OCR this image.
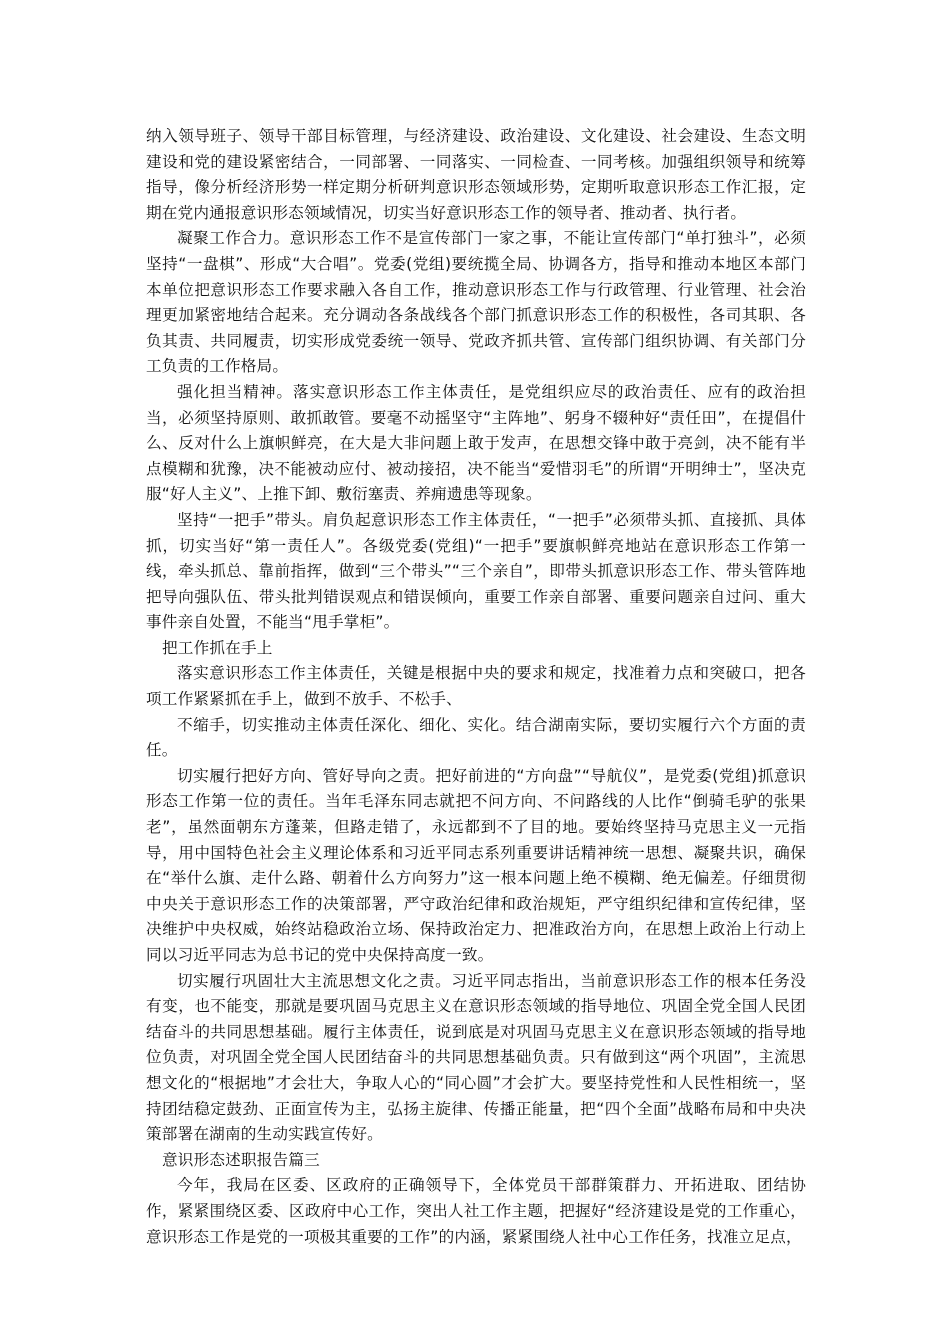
纳入领导班子、领导干部目标管理，与经济建设、政治建设、文化建设、社会建设、生态文明建设和党的建设紧密结合，一同部署、一同落实、一同检查、一同考核。加强组织领导和统筹指导，像分析经济形势一样定期分析研判意识形态领域形势，定期听取意识形态工作汇报，定期在党内通报意识形态领域情况，切实当好意识形态工作的领导者、推动者、执行者。

凝聚工作合力。意识形态工作不是宣传部门一家之事，不能让宣传部门“单打独斗”，必须坚持“一盘棋”、形成“大合唱”。党委(党组)要统揽全局、协调各方，指导和推动本地区本部门本单位把意识形态工作要求融入各自工作，推动意识形态工作与行政管理、行业管理、社会治理更加紧密地结合起来。充分调动各条战线各个部门抓意识形态工作的积极性，各司其职、各负其责、共同履责，切实形成党委统一领导、党政齐抓共管、宣传部门组织协调、有关部门分工负责的工作格局。

强化担当精神。落实意识形态工作主体责任，是党组织应尽的政治责任、应有的政治担当，必须坚持原则、敢抓敢管。要毫不动摇坚守“主阵地”、躬身不辍种好“责任田”，在提倡什么、反对什么上旗帜鲜亮，在大是大非问题上敢于发声，在思想交锋中敢于亮剑，决不能有半点模糊和犹豫，决不能被动应付、被动接招，决不能当“爱惜羽毛”的所谓“开明绅士”，坚决克服“好人主义”、上推下卸、敷衍塞责、养痈遗患等现象。

坚持“一把手”带头。肩负起意识形态工作主体责任，“一把手”必须带头抓、直接抓、具体抓，切实当好“第一责任人”。各级党委(党组)“一把手”要旗帜鲜亮地站在意识形态工作第一线，牵头抓总、靠前指挥，做到“三个带头”“三个亲自”，即带头抓意识形态工作、带头管阵地把导向强队伍、带头批判错误观点和错误倾向，重要工作亲自部署、重要问题亲自过问、重大事件亲自处置，不能当“甩手掌柜”。

把工作抓在手上

落实意识形态工作主体责任，关键是根据中央的要求和规定，找准着力点和突破口，把各项工作紧紧抓在手上，做到不放手、不松手、

不缩手，切实推动主体责任深化、细化、实化。结合湖南实际，要切实履行六个方面的责任。

切实履行把好方向、管好导向之责。把好前进的“方向盘”“导航仪”，是党委(党组)抓意识形态工作第一位的责任。当年毛泽东同志就把不问方向、不问路线的人比作“倒骑毛驴的张果老”，虽然面朝东方蓬莱，但路走错了，永远都到不了目的地。要始终坚持马克思主义一元指导，用中国特色社会主义理论体系和习近平同志系列重要讲话精神统一思想、凝聚共识，确保在“举什么旗、走什么路、朝着什么方向努力”这一根本问题上绝不模糊、绝无偏差。仔细贯彻中央关于意识形态工作的决策部署，严守政治纪律和政治规矩，严守组织纪律和宣传纪律，坚决维护中央权威，始终站稳政治立场、保持政治定力、把准政治方向，在思想上政治上行动上同以习近平同志为总书记的党中央保持高度一致。

切实履行巩固壮大主流思想文化之责。习近平同志指出，当前意识形态工作的根本任务没有变，也不能变，那就是要巩固马克思主义在意识形态领域的指导地位、巩固全党全国人民团结奋斗的共同思想基础。履行主体责任，说到底是对巩固马克思主义在意识形态领域的指导地位负责，对巩固全党全国人民团结奋斗的共同思想基础负责。只有做到这“两个巩固”，主流思想文化的“根据地”才会壮大，争取人心的“同心圆”才会扩大。要坚持党性和人民性相统一，坚持团结稳定鼓劲、正面宣传为主，弘扬主旋律、传播正能量，把“四个全面”战略布局和中央决策部署在湖南的生动实践宣传好。

意识形态述职报告篇三

今年，我局在区委、区政府的正确领导下，全体党员干部群策群力、开拓进取、团结协作，紧紧围绕区委、区政府中心工作，突出人社工作主题，把握好“经济建设是党的工作重心，意识形态工作是党的一项极其重要的工作”的内涵，紧紧围绕人社中心工作任务，找准立足点，
